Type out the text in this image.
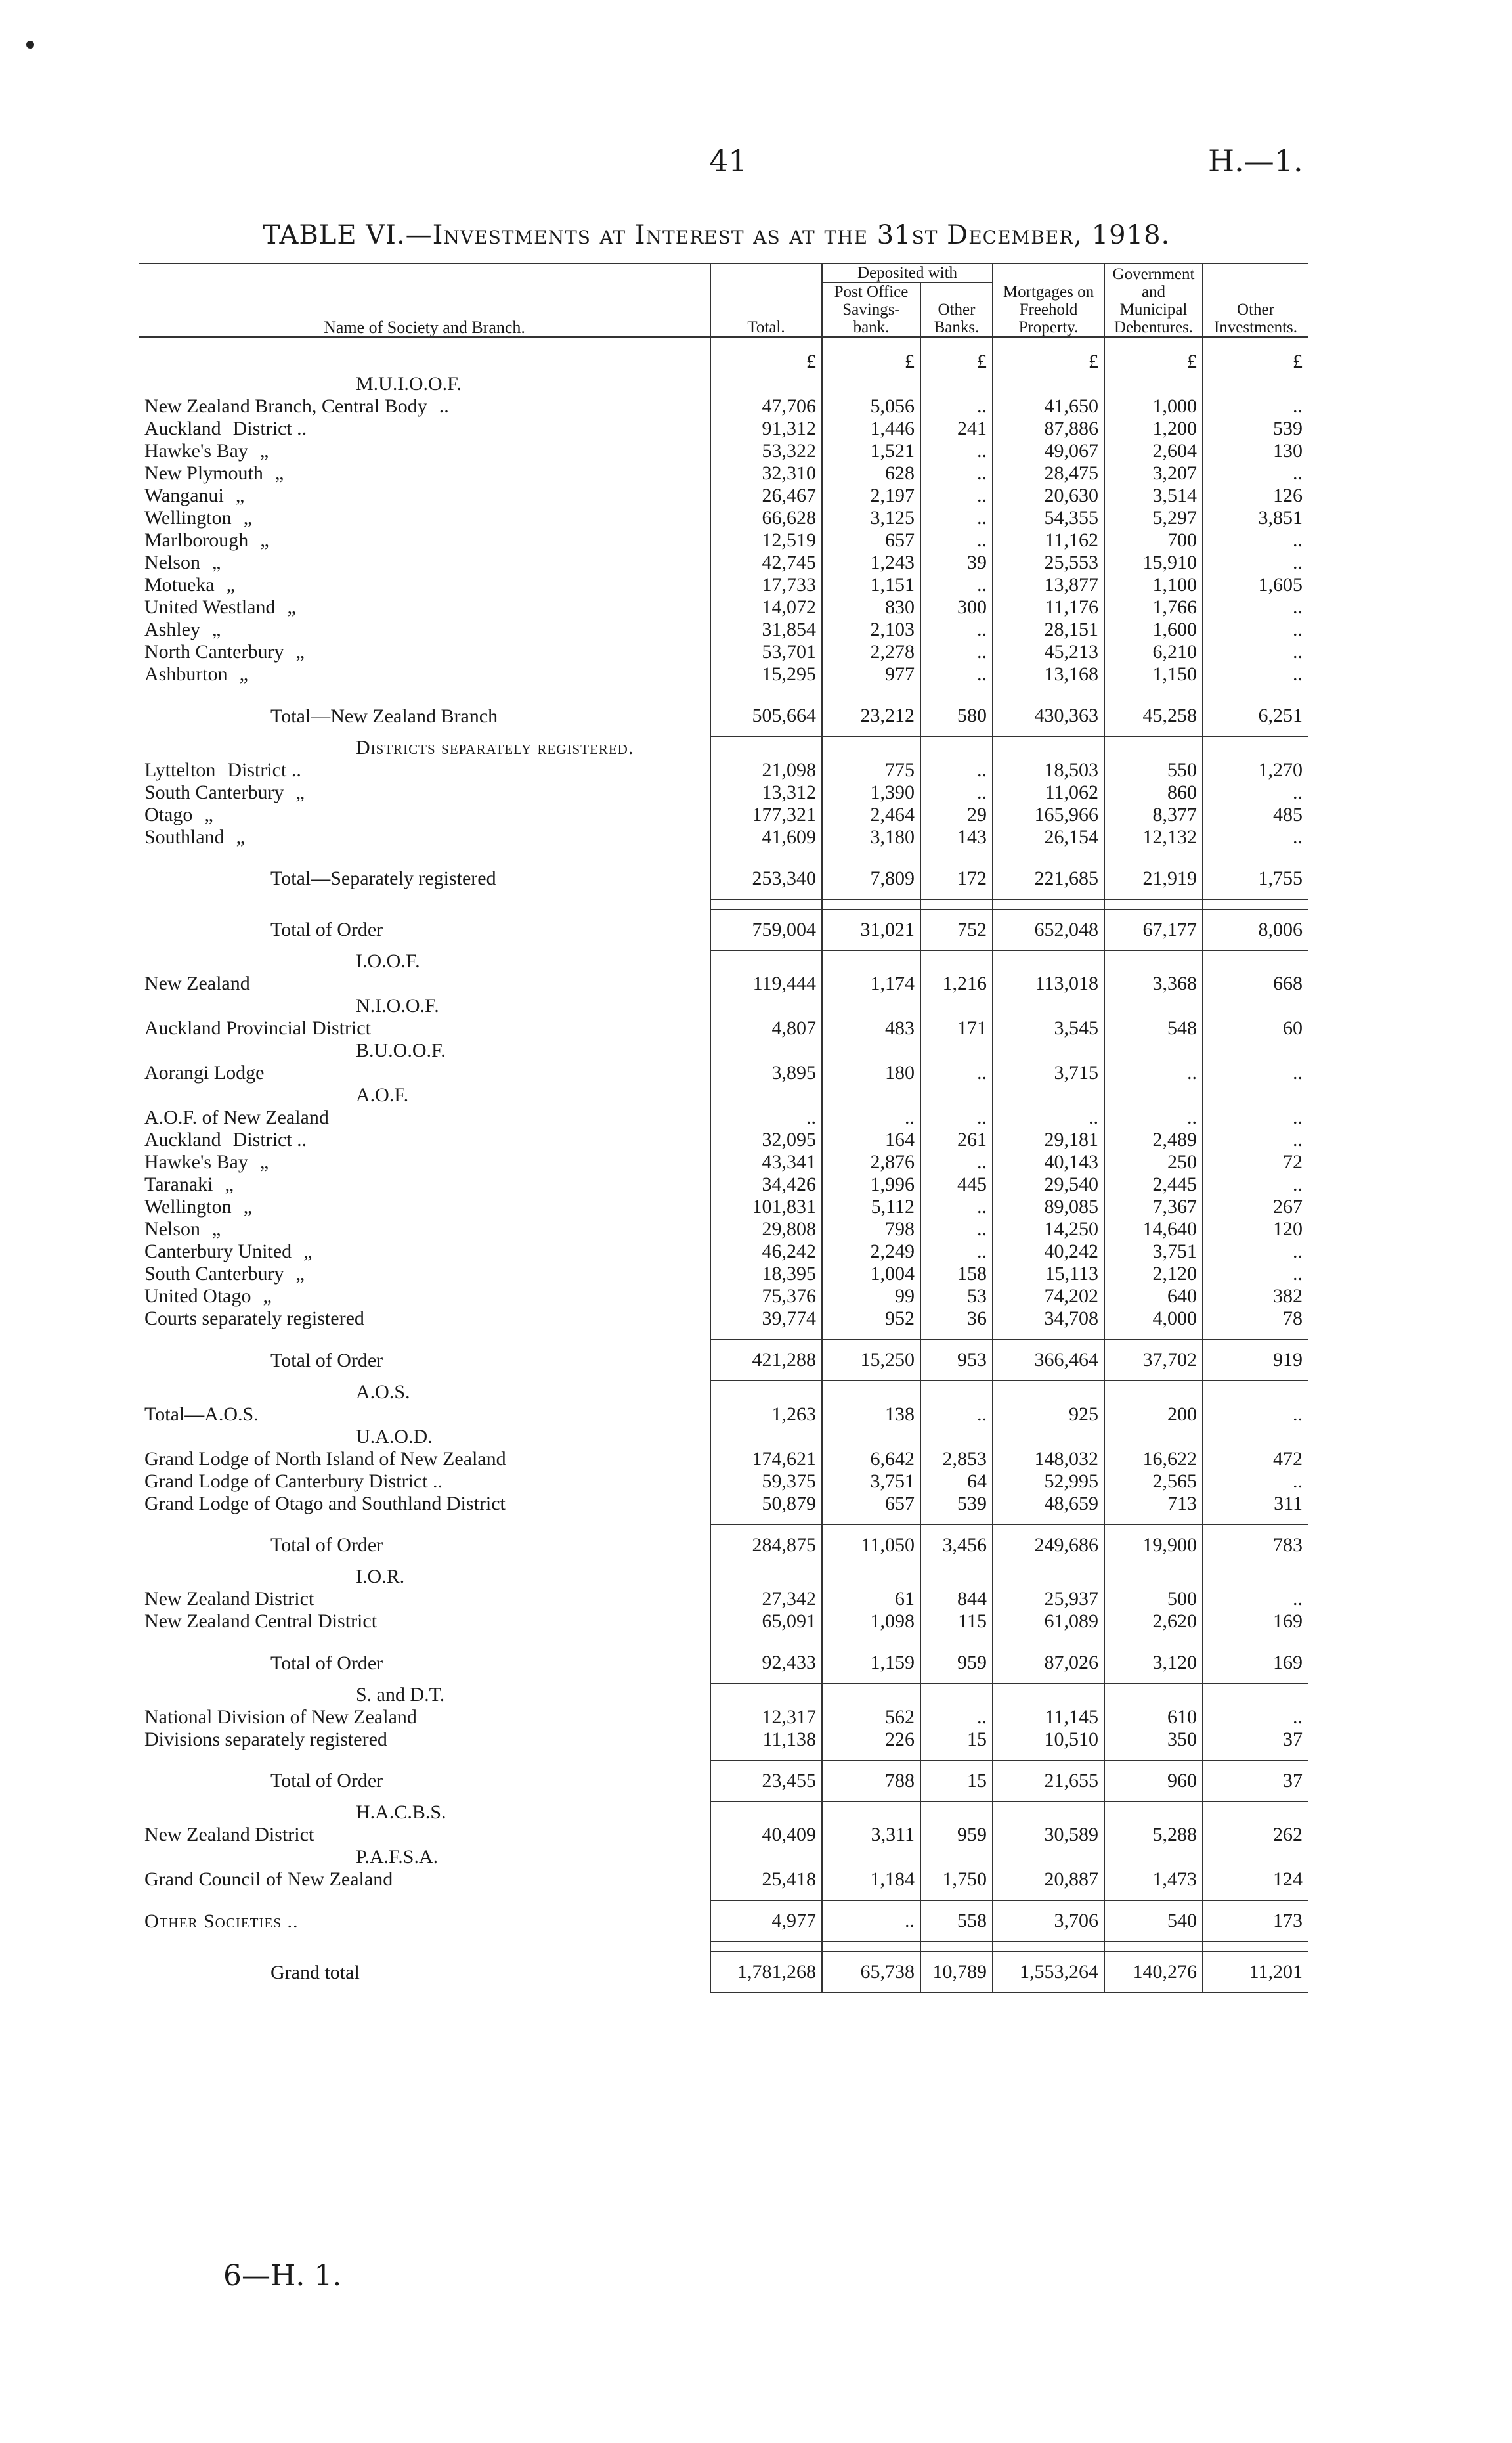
41	H.—1.
TABLE VI.—Investments at Interest as at the 31st December, 1918.
Name of Society and Branch.	Total.	Deposited with		Mortgages on Freehold Property.	Government and Municipal Debentures.	Other Investments.
		Post Office Savings-bank.	Other Banks.			
	£	£	£	£	£	£
M.U.I.O.O.F.						
New Zealand Branch, Central Body ..	47,706	5,056	..	41,650	1,000	..
Auckland District ..	91,312	1,446	241	87,886	1,200	539
Hawke's Bay „	53,322	1,521	..	49,067	2,604	130
New Plymouth „	32,310	628	..	28,475	3,207	..
Wanganui „	26,467	2,197	..	20,630	3,514	126
Wellington „	66,628	3,125	..	54,355	5,297	3,851
Marlborough „	12,519	657	..	11,162	700	..
Nelson „	42,745	1,243	39	25,553	15,910	..
Motueka „	17,733	1,151	..	13,877	1,100	1,605
United Westland „	14,072	830	300	11,176	1,766	..
Ashley „	31,854	2,103	..	28,151	1,600	..
North Canterbury „	53,701	2,278	..	45,213	6,210	..
Ashburton „	15,295	977	..	13,168	1,150	..

Total—New Zealand Branch	505,664	23,212	580	430,363	45,258	6,251
Districts separately registered.						
Lyttelton District ..	21,098	775	..	18,503	550	1,270
South Canterbury „	13,312	1,390	..	11,062	860	..
Otago „	177,321	2,464	29	165,966	8,377	485
Southland „	41,609	3,180	143	26,154	12,132	..

Total—Separately registered	253,340	7,809	172	221,685	21,919	1,755

Total of Order	759,004	31,021	752	652,048	67,177	8,006
I.O.O.F.						
New Zealand	119,444	1,174	1,216	113,018	3,368	668
N.I.O.O.F.						
Auckland Provincial District	4,807	483	171	3,545	548	60
B.U.O.O.F.						
Aorangi Lodge	3,895	180	..	3,715	..	..
A.O.F.						
A.O.F. of New Zealand	..	..	..	..	..	..
Auckland District ..	32,095	164	261	29,181	2,489	..
Hawke's Bay „	43,341	2,876	..	40,143	250	72
Taranaki „	34,426	1,996	445	29,540	2,445	..
Wellington „	101,831	5,112	..	89,085	7,367	267
Nelson „	29,808	798	..	14,250	14,640	120
Canterbury United „	46,242	2,249	..	40,242	3,751	..
South Canterbury „	18,395	1,004	158	15,113	2,120	..
United Otago „	75,376	99	53	74,202	640	382
Courts separately registered	39,774	952	36	34,708	4,000	78

Total of Order	421,288	15,250	953	366,464	37,702	919
A.O.S.						
Total—A.O.S.	1,263	138	..	925	200	..
U.A.O.D.						
Grand Lodge of North Island of New Zealand	174,621	6,642	2,853	148,032	16,622	472
Grand Lodge of Canterbury District ..	59,375	3,751	64	52,995	2,565	..
Grand Lodge of Otago and Southland District	50,879	657	539	48,659	713	311

Total of Order	284,875	11,050	3,456	249,686	19,900	783
I.O.R.						
New Zealand District	27,342	61	844	25,937	500	..
New Zealand Central District	65,091	1,098	115	61,089	2,620	169

Total of Order	92,433	1,159	959	87,026	3,120	169
S. and D.T.						
National Division of New Zealand	12,317	562	..	11,145	610	..
Divisions separately registered	11,138	226	15	10,510	350	37

Total of Order	23,455	788	15	21,655	960	37
H.A.C.B.S.						
New Zealand District	40,409	3,311	959	30,589	5,288	262
P.A.F.S.A.						
Grand Council of New Zealand	25,418	1,184	1,750	20,887	1,473	124

Other Societies ..	4,977	..	558	3,706	540	173

Grand total	1,781,268	65,738	10,789	1,553,264	140,276	11,201
6—H. 1.
